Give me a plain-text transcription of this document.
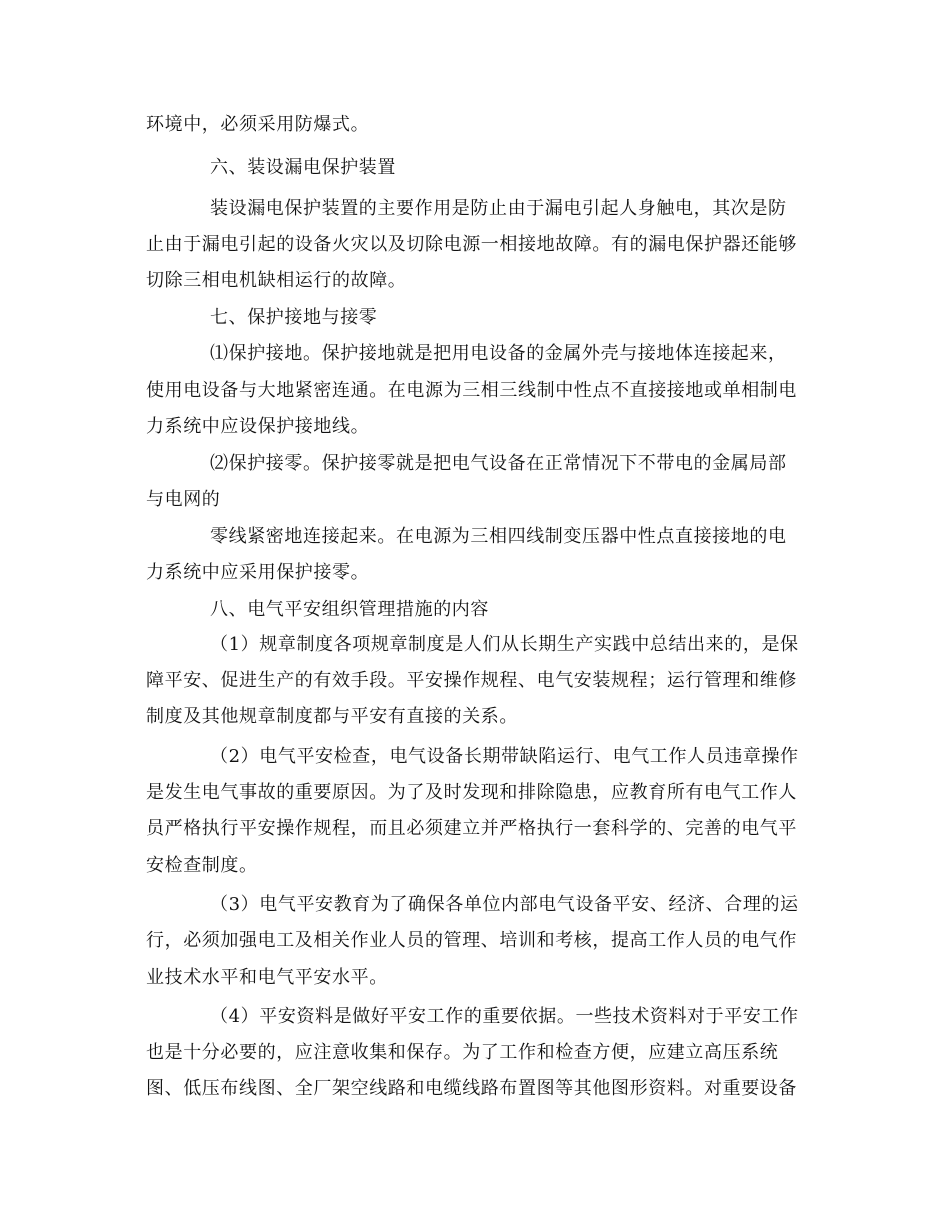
环境中，必须采用防爆式。
六、装设漏电保护装置
装设漏电保护装置的主要作用是防止由于漏电引起人身触电，其次是防
止由于漏电引起的设备火灾以及切除电源一相接地故障。有的漏电保护器还能够
切除三相电机缺相运行的故障。
七、保护接地与接零
⑴保护接地。保护接地就是把用电设备的金属外壳与接地体连接起来，
使用电设备与大地紧密连通。在电源为三相三线制中性点不直接接地或单相制电
力系统中应设保护接地线。
⑵保护接零。保护接零就是把电气设备在正常情况下不带电的金属局部
与电网的
零线紧密地连接起来。在电源为三相四线制变压器中性点直接接地的电
力系统中应采用保护接零。
八、电气平安组织管理措施的内容
（1）规章制度各项规章制度是人们从长期生产实践中总结出来的，是保
障平安、促进生产的有效手段。平安操作规程、电气安装规程；运行管理和维修
制度及其他规章制度都与平安有直接的关系。
（2）电气平安检查，电气设备长期带缺陷运行、电气工作人员违章操作
是发生电气事故的重要原因。为了及时发现和排除隐患，应教育所有电气工作人
员严格执行平安操作规程，而且必须建立并严格执行一套科学的、完善的电气平
安检查制度。
（3）电气平安教育为了确保各单位内部电气设备平安、经济、合理的运
行，必须加强电工及相关作业人员的管理、培训和考核，提高工作人员的电气作
业技术水平和电气平安水平。
（4）平安资料是做好平安工作的重要依据。一些技术资料对于平安工作
也是十分必要的，应注意收集和保存。为了工作和检查方便，应建立高压系统
图、低压布线图、全厂架空线路和电缆线路布置图等其他图形资料。对重要设备
